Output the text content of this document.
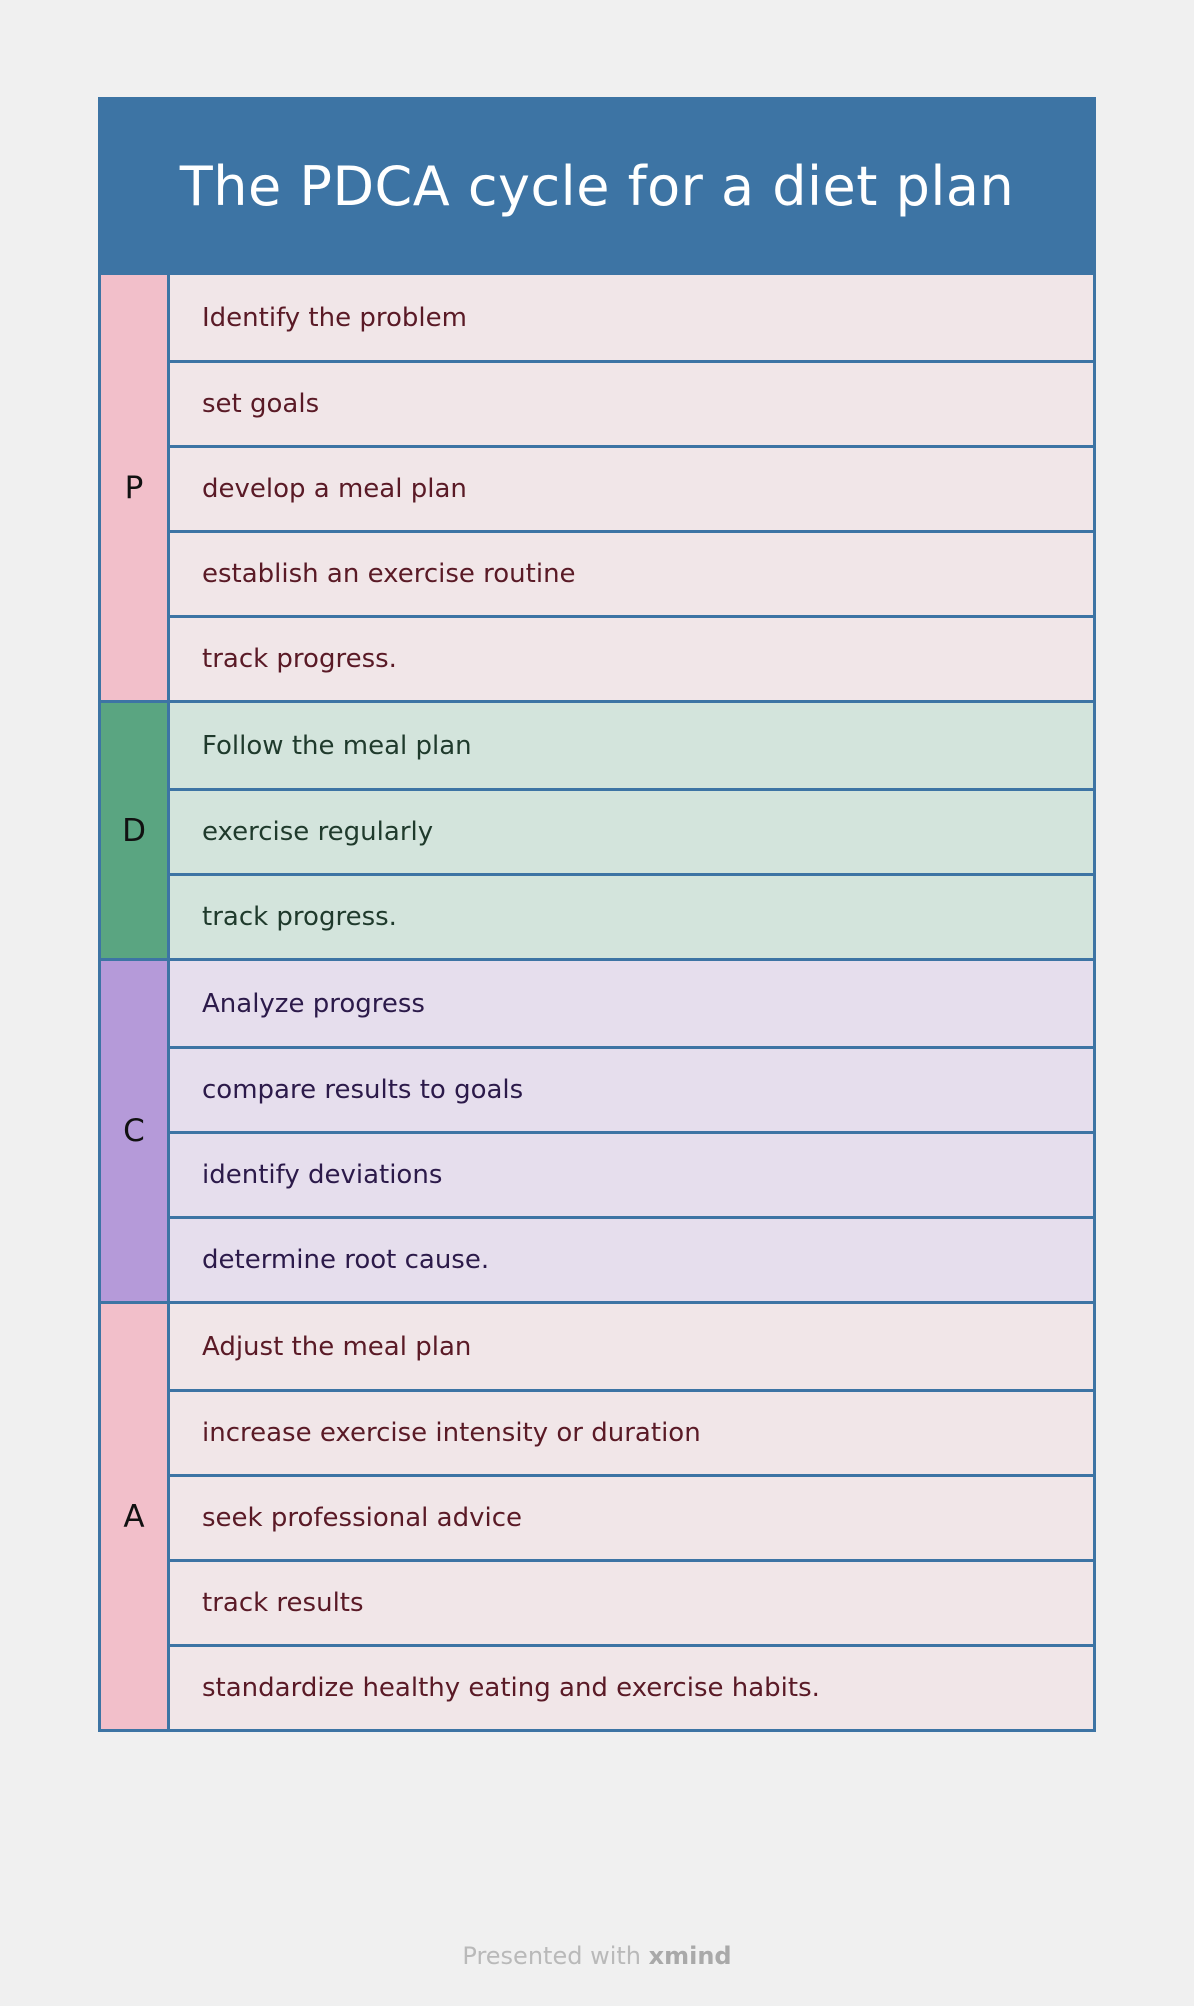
The PDCA cycle for a diet plan
P
Identify the problem
set goals
develop a meal plan
establish an exercise routine
track progress.
D
Follow the meal plan
exercise regularly
track progress.
C
Analyze progress
compare results to goals
identify deviations
determine root cause.
A
Adjust the meal plan
increase exercise intensity or duration
seek professional advice
track results
standardize healthy eating and exercise habits.
Presented with xmind
